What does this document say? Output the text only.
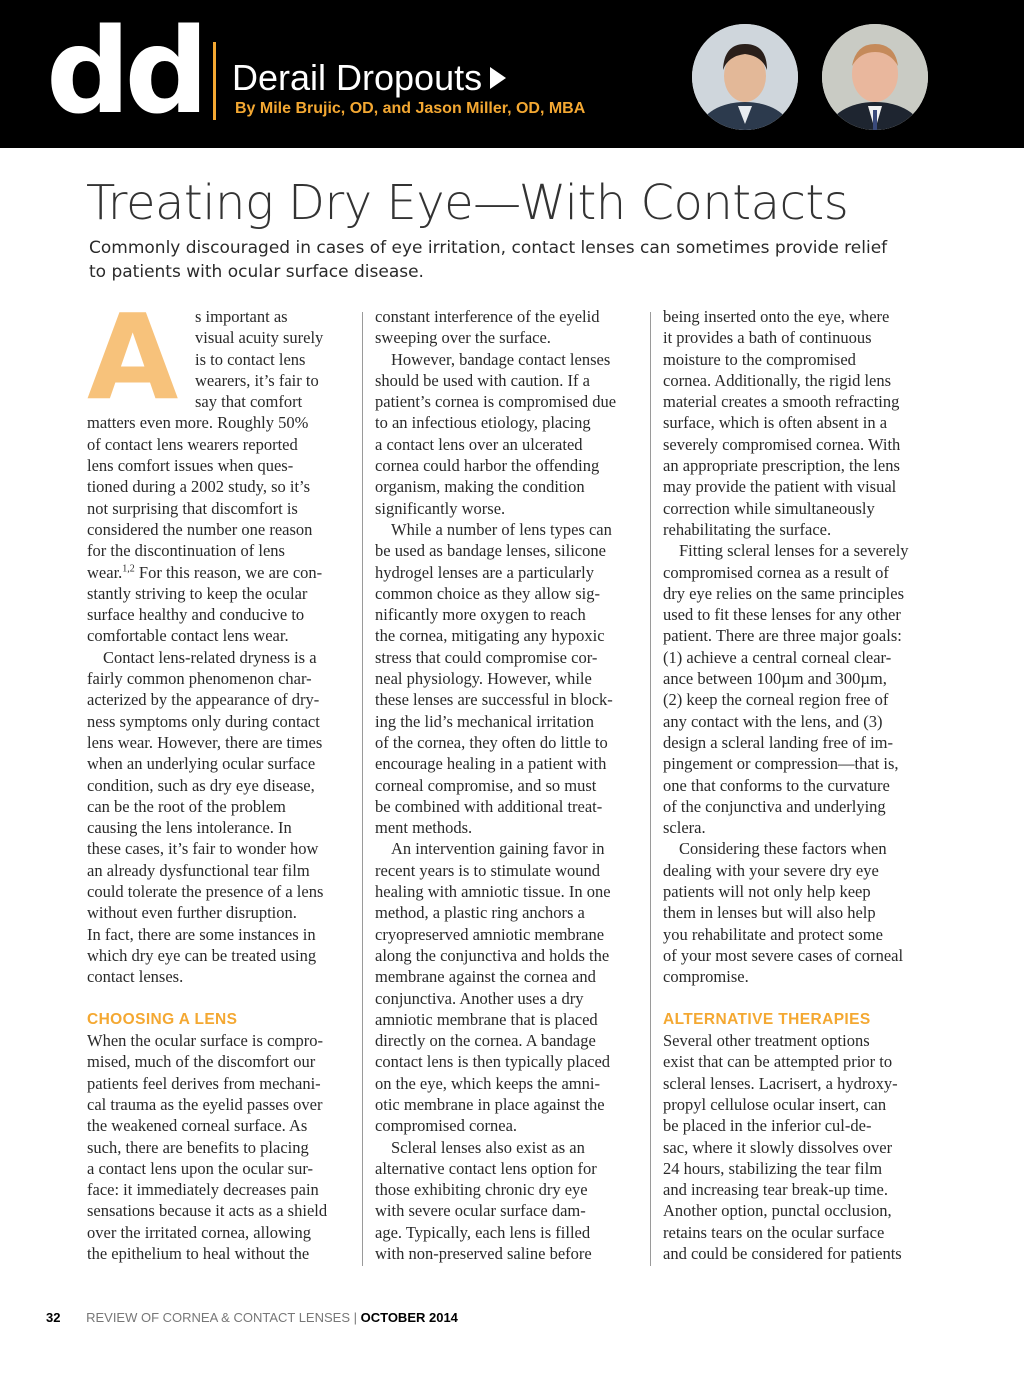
dd Derail Dropouts
By Mile Brujic, OD, and Jason Miller, OD, MBA
Treating Dry Eye—With Contacts
Commonly discouraged in cases of eye irritation, contact lenses can sometimes provide relief to patients with ocular surface disease.
A s important as
visual acuity surely
is to contact lens
wearers, it’s fair to
say that comfort
matters even more. Roughly 50%
of contact lens wearers reported
lens comfort issues when ques-
tioned during a 2002 study, so it’s
not surprising that discomfort is
considered the number one reason
for the discontinuation of lens
wear.$^{1,2}$ For this reason, we are con-
stantly striving to keep the ocular
surface healthy and conducive to
comfortable contact lens wear.
Contact lens-related dryness is a
fairly common phenomenon char-
acterized by the appearance of dry-
ness symptoms only during contact
lens wear. However, there are times
when an underlying ocular surface
condition, such as dry eye disease,
can be the root of the problem
causing the lens intolerance. In
these cases, it’s fair to wonder how
an already dysfunctional tear film
could tolerate the presence of a lens
without even further disruption.
In fact, there are some instances in
which dry eye can be treated using
contact lenses.
CHOOSING A LENS
When the ocular surface is compro-
mised, much of the discomfort our
patients feel derives from mechani-
cal trauma as the eyelid passes over
the weakened corneal surface. As
such, there are benefits to placing
a contact lens upon the ocular sur-
face: it immediately decreases pain
sensations because it acts as a shield
over the irritated cornea, allowing
the epithelium to heal without the
constant interference of the eyelid
sweeping over the surface.
However, bandage contact lenses
should be used with caution. If a
patient’s cornea is compromised due
to an infectious etiology, placing
a contact lens over an ulcerated
cornea could harbor the offending
organism, making the condition
significantly worse.
While a number of lens types can
be used as bandage lenses, silicone
hydrogel lenses are a particularly
common choice as they allow sig-
nificantly more oxygen to reach
the cornea, mitigating any hypoxic
stress that could compromise cor-
neal physiology. However, while
these lenses are successful in block-
ing the lid’s mechanical irritation
of the cornea, they often do little to
encourage healing in a patient with
corneal compromise, and so must
be combined with additional treat-
ment methods.
An intervention gaining favor in
recent years is to stimulate wound
healing with amniotic tissue. In one
method, a plastic ring anchors a
cryopreserved amniotic membrane
along the conjunctiva and holds the
membrane against the cornea and
conjunctiva. Another uses a dry
amniotic membrane that is placed
directly on the cornea. A bandage
contact lens is then typically placed
on the eye, which keeps the amni-
otic membrane in place against the
compromised cornea.
Scleral lenses also exist as an
alternative contact lens option for
those exhibiting chronic dry eye
with severe ocular surface dam-
age. Typically, each lens is filled
with non-preserved saline before
being inserted onto the eye, where
it provides a bath of continuous
moisture to the compromised
cornea. Additionally, the rigid lens
material creates a smooth refracting
surface, which is often absent in a
severely compromised cornea. With
an appropriate prescription, the lens
may provide the patient with visual
correction while simultaneously
rehabilitating the surface.
Fitting scleral lenses for a severely
compromised cornea as a result of
dry eye relies on the same principles
used to fit these lenses for any other
patient. There are three major goals:
(1) achieve a central corneal clear-
ance between 100µm and 300µm,
(2) keep the corneal region free of
any contact with the lens, and (3)
design a scleral landing free of im-
pingement or compression—that is,
one that conforms to the curvature
of the conjunctiva and underlying
sclera.
Considering these factors when
dealing with your severe dry eye
patients will not only help keep
them in lenses but will also help
you rehabilitate and protect some
of your most severe cases of corneal
compromise.
ALTERNATIVE THERAPIES
Several other treatment options
exist that can be attempted prior to
scleral lenses. Lacrisert, a hydroxy-
propyl cellulose ocular insert, can
be placed in the inferior cul-de-
sac, where it slowly dissolves over
24 hours, stabilizing the tear film
and increasing tear break-up time.
Another option, punctal occlusion,
retains tears on the ocular surface
and could be considered for patients
32 REVIEW OF CORNEA & CONTACT LENSES | OCTOBER 2014
